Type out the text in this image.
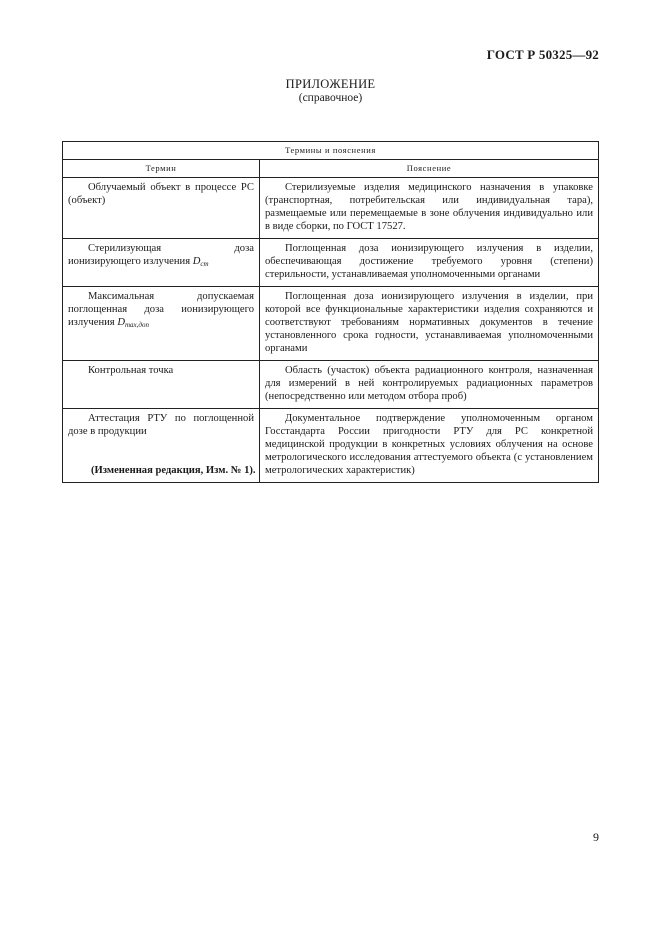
ГОСТ Р 50325—92
ПРИЛОЖЕНИЕ
(справочное)
Термины и пояснения	
Термин	Пояснение
Облучаемый объект в процессе РС (объект)	Стерилизуемые изделия медицинского назначения в упаковке (транспортная, потребительская или индивидуальная тара), размещаемые или перемещаемые в зоне облучения индивидуально или в виде сборки, по ГОСТ 17527.
Стерилизующая доза ионизирующего излучения $D_{ст}$	Поглощенная доза ионизирующего излучения в изделии, обеспечивающая достижение требуемого уровня (степени) стерильности, устанавливаемая уполномоченными органами
Максимальная допускаемая поглощенная доза ионизирующего излучения $D_{max,доп}$	Поглощенная доза ионизирующего излучения в изделии, при которой все функциональные характеристики изделия сохраняются и соответствуют требованиям нормативных документов в течение установленного срока годности, устанавливаемая уполномоченными органами
Контрольная точка	Область (участок) объекта радиационного контроля, назначенная для измерений в ней контролируемых радиационных параметров (непосредственно или методом отбора проб)
Аттестация РТУ по поглощенной дозе в продукции	Документальное подтверждение уполномоченным органом Госстандарта России пригодности РТУ для РС конкретной медицинской продукции в конкретных условиях облучения на основе метрологического исследования аттестуемого объекта (с установлением метрологических характеристик)
(Измененная редакция, Изм. № 1).
9
